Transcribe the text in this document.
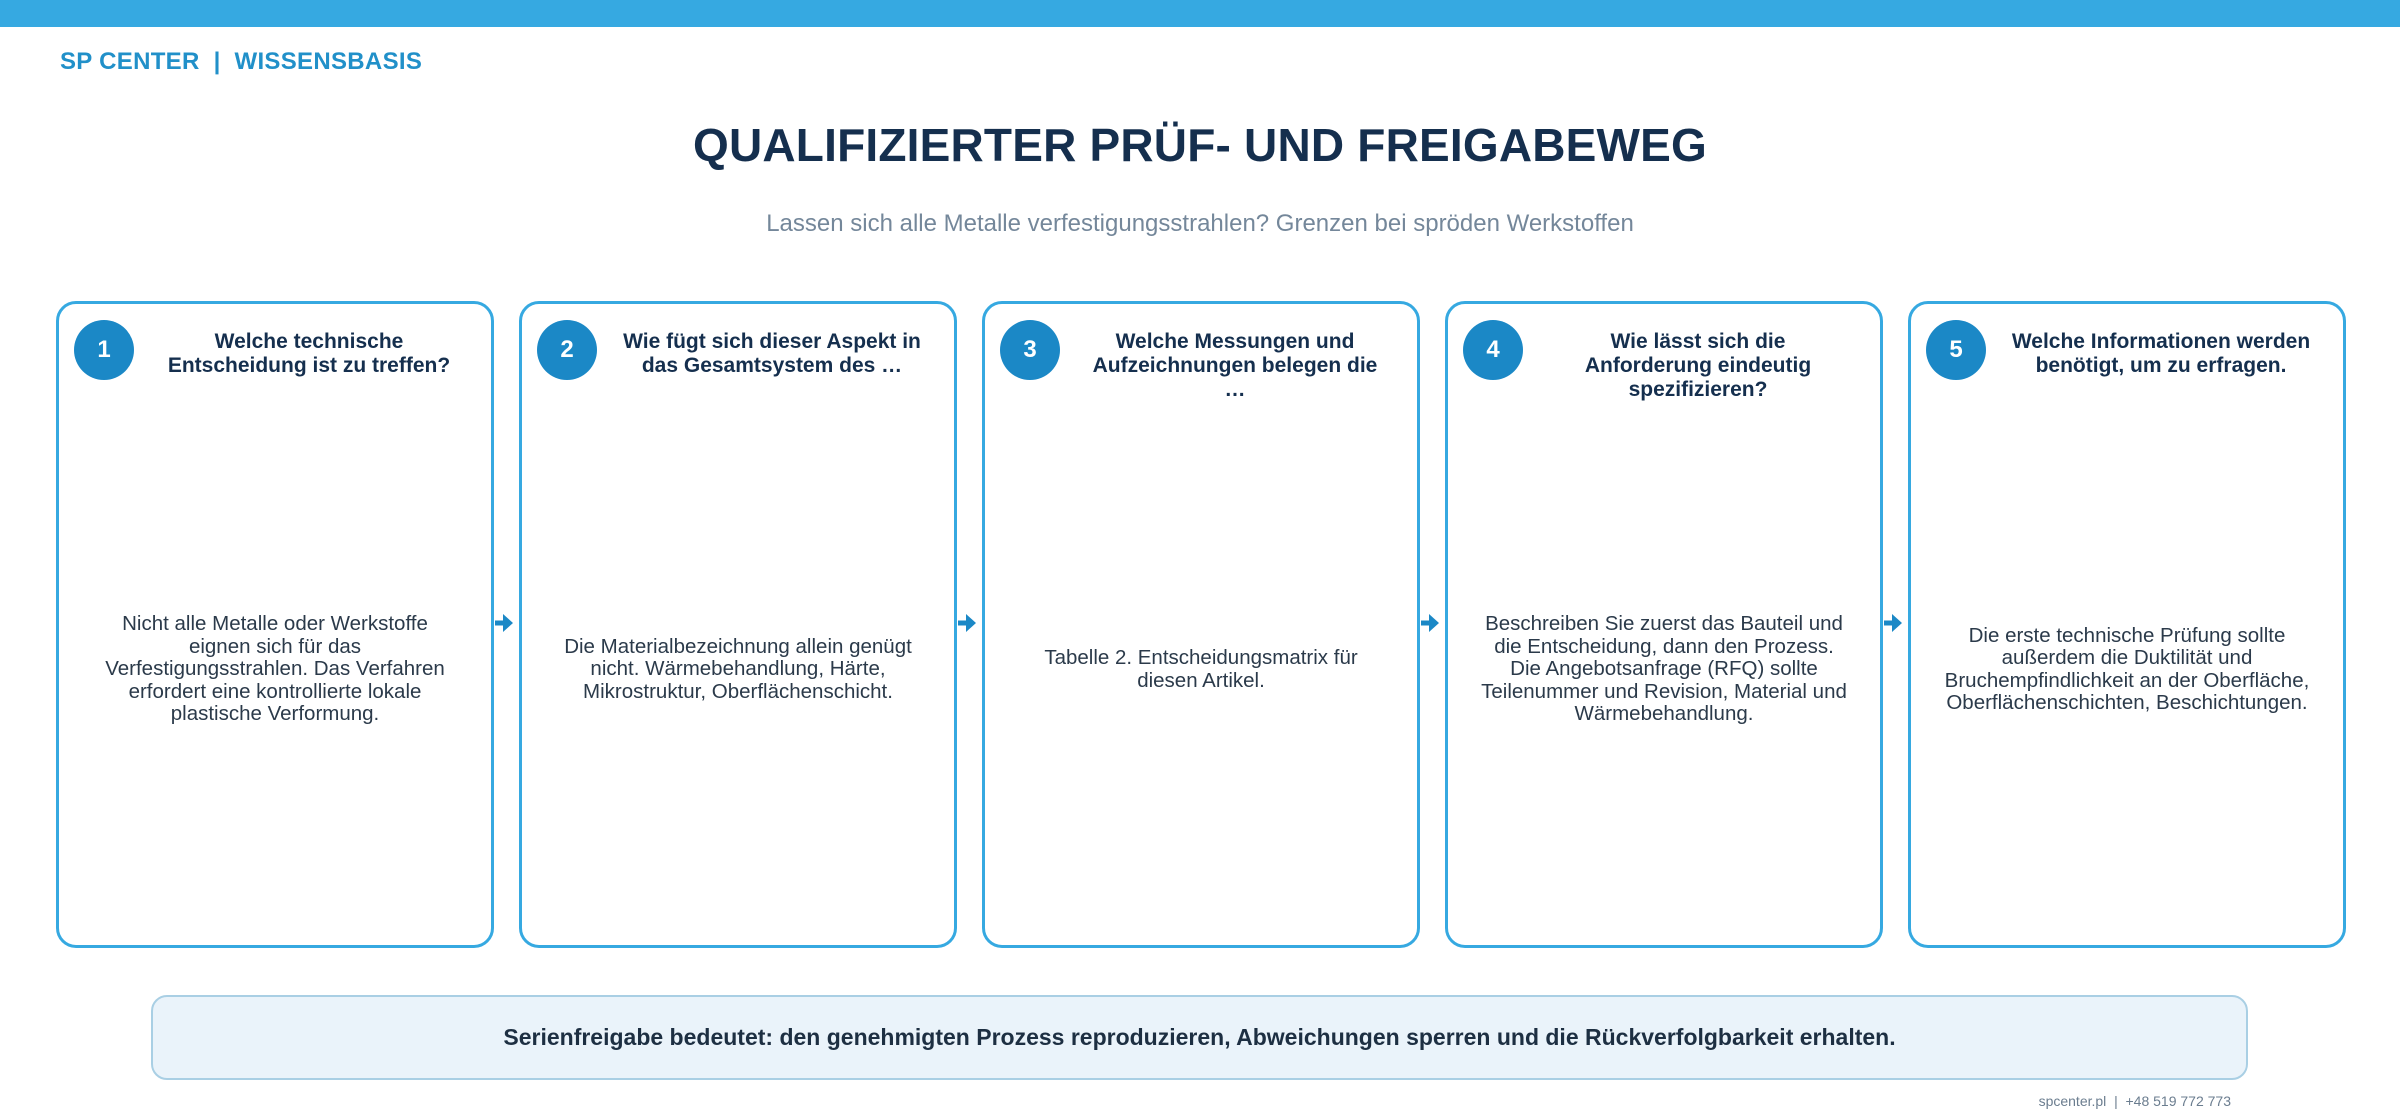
SP CENTER | WISSENSBASIS
QUALIFIZIERTER PRÜF- UND FREIGABEWEG
Lassen sich alle Metalle verfestigungsstrahlen? Grenzen bei spröden Werkstoffen
1	Welche technische Entscheidung ist zu treffen?
Nicht alle Metalle oder Werkstoffe eignen sich für das Verfestigungsstrahlen. Das Verfahren erfordert eine kontrollierte lokale plastische Verformung.
2	Wie fügt sich dieser Aspekt in das Gesamtsystem des …
Die Materialbezeichnung allein genügt nicht. Wärmebehandlung, Härte, Mikrostruktur, Oberflächenschicht.
3	Welche Messungen und Aufzeichnungen belegen die …
Tabelle 2. Entscheidungsmatrix für diesen Artikel.
4	Wie lässt sich die Anforderung eindeutig spezifizieren?
Beschreiben Sie zuerst das Bauteil und die Entscheidung, dann den Prozess. Die Angebotsanfrage (RFQ) sollte Teilenummer und Revision, Material und Wärmebehandlung.
5	Welche Informationen werden benötigt, um zu erfragen.
Die erste technische Prüfung sollte außerdem die Duktilität und Bruchempfindlichkeit an der Oberfläche, Oberflächenschichten, Beschichtungen.
Serienfreigabe bedeutet: den genehmigten Prozess reproduzieren, Abweichungen sperren und die Rückverfolgbarkeit erhalten.
spcenter.pl | +48 519 772 773
